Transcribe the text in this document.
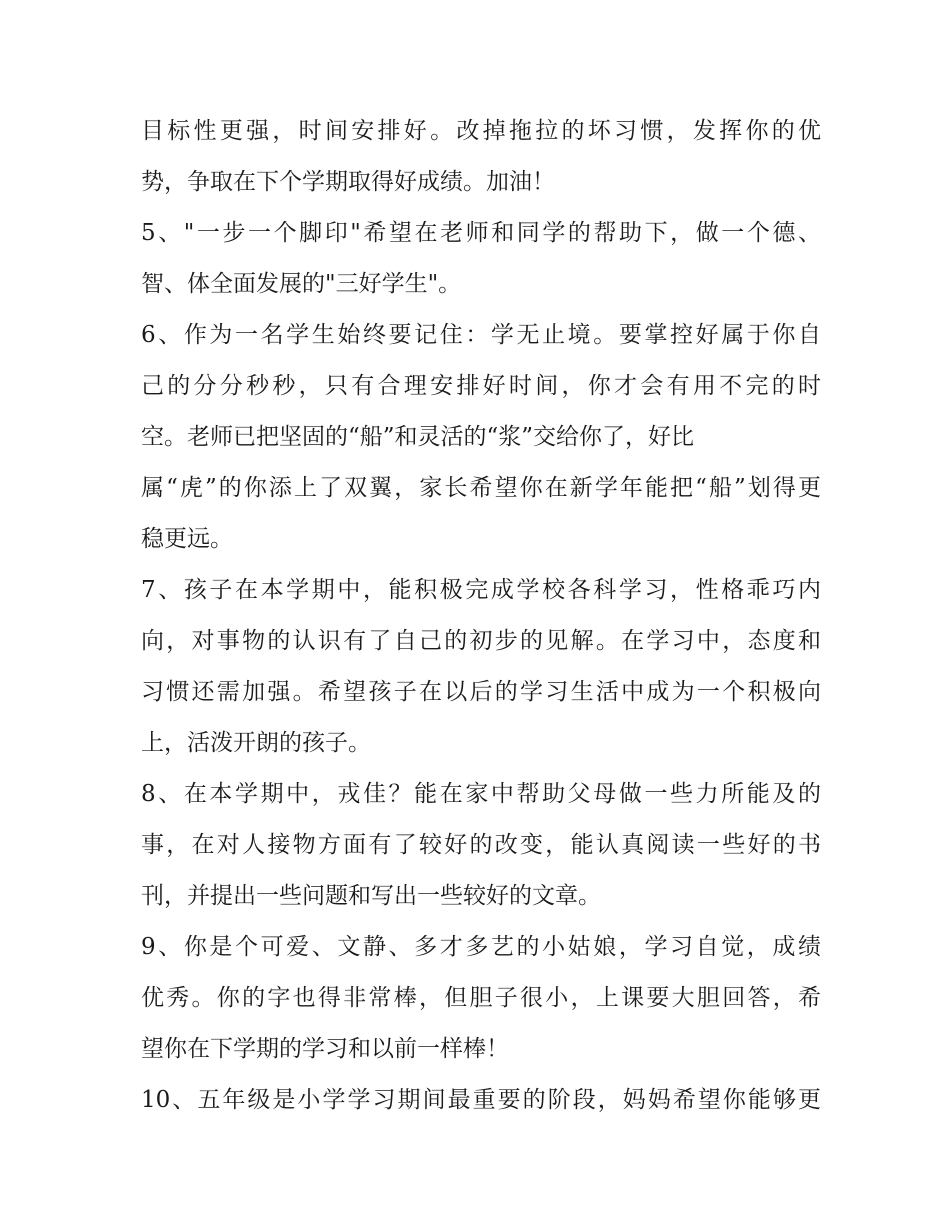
目标性更强，时间安排好。改掉拖拉的坏习惯，发挥你的优
势，争取在下个学期取得好成绩。加油！
5、"一步一个脚印"希望在老师和同学的帮助下，做一个德、
智、体全面发展的"三好学生"。
6、作为一名学生始终要记住：学无止境。要掌控好属于你自
己的分分秒秒，只有合理安排好时间，你才会有用不完的时
空。老师已把坚固的“船”和灵活的“浆”交给你了，好比
属“虎”的你添上了双翼，家长希望你在新学年能把“船”划得更
稳更远。
7、孩子在本学期中，能积极完成学校各科学习，性格乖巧内
向，对事物的认识有了自己的初步的见解。在学习中，态度和
习惯还需加强。希望孩子在以后的学习生活中成为一个积极向
上，活泼开朗的孩子。
8、在本学期中，戎佳？能在家中帮助父母做一些力所能及的
事，在对人接物方面有了较好的改变，能认真阅读一些好的书
刊，并提出一些问题和写出一些较好的文章。
9、你是个可爱、文静、多才多艺的小姑娘，学习自觉，成绩
优秀。你的字也得非常棒，但胆子很小，上课要大胆回答，希
望你在下学期的学习和以前一样棒！
10、五年级是小学学习期间最重要的阶段，妈妈希望你能够更
